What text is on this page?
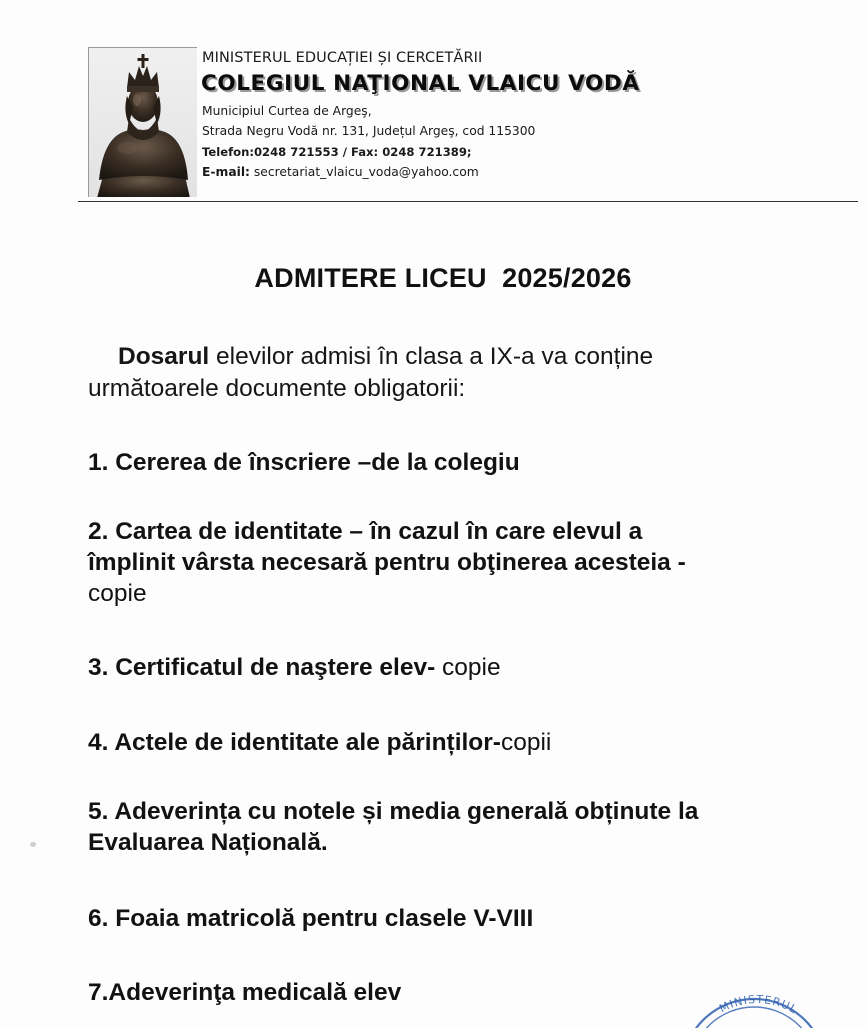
MINISTERUL EDUCAȚIEI ȘI CERCETĂRII
COLEGIUL NAŢIONAL VLAICU VODĂ
Municipiul Curtea de Argeş,
Strada Negru Vodă nr. 131, Județul Argeş, cod 115300
Telefon:0248 721553 / Fax: 0248 721389;
E-mail: secretariat_vlaicu_voda@yahoo.com
ADMITERE LICEU  2025/2026
Dosarul elevilor admisi în clasa a IX-a va conține
următoarele documente obligatorii:
1. Cererea de înscriere –de la colegiu
2. Cartea de identitate – în cazul în care elevul a
împlinit vârsta necesară pentru obţinerea acesteia -
copie
3. Certificatul de naştere elev- copie
4. Actele de identitate ale părinților-copii
5. Adeverința cu notele și media generală obținute la
Evaluarea Națională.
6. Foaia matricolă pentru clasele V-VIII
7.Adeverinţa medicală elev
MINISTERUL
